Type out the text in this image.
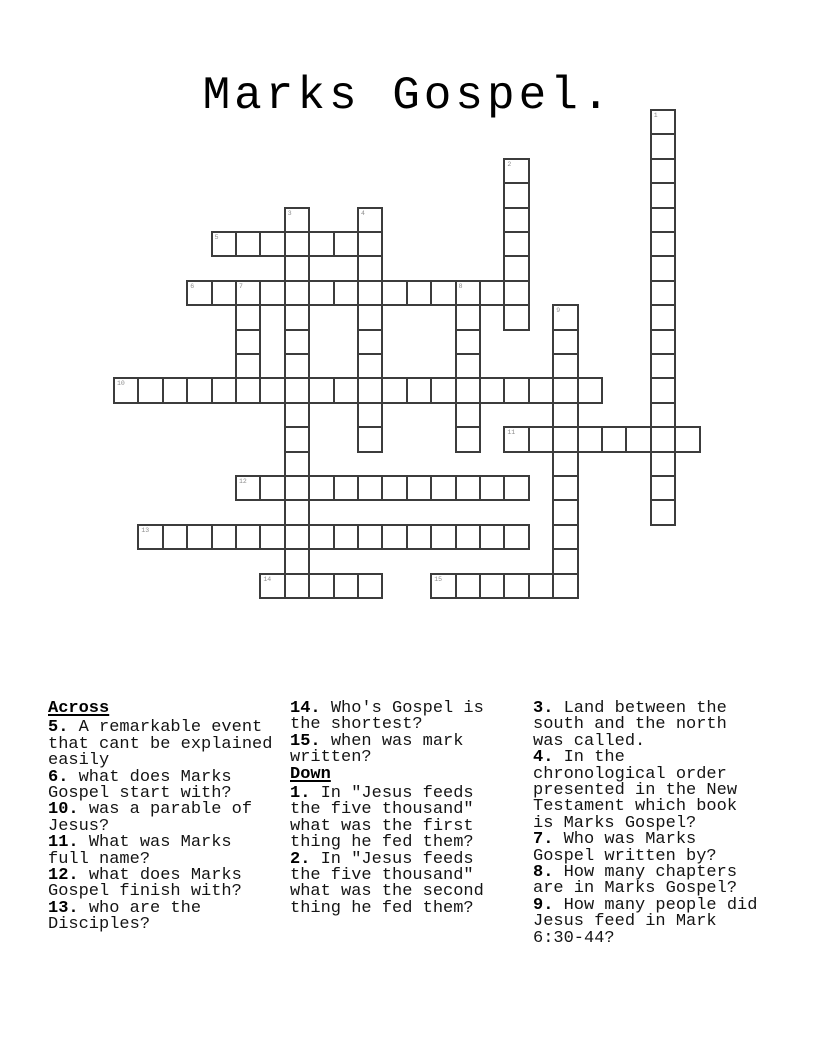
Marks Gospel.	1
2
3	4
5
6	7	8
9
10
11
12
13
14	15
Across
5. A remarkable event that cant be explained easily
6. what does Marks Gospel start with?
10. was a parable of Jesus?
11. What was Marks full name?
12. what does Marks Gospel finish with?
13. who are the Disciples?
14. Who's Gospel is the shortest?
15. when was mark written?
Down
1. In "Jesus feeds the five thousand" what was the first thing he fed them?
2. In "Jesus feeds the five thousand" what was the second thing he fed them?
3. Land between the south and the north was called.
4. In the chronological order presented in the New Testament which book is Marks Gospel?
7. Who was Marks Gospel written by?
8. How many chapters are in Marks Gospel?
9. How many people did Jesus feed in Mark 6:30-44?
